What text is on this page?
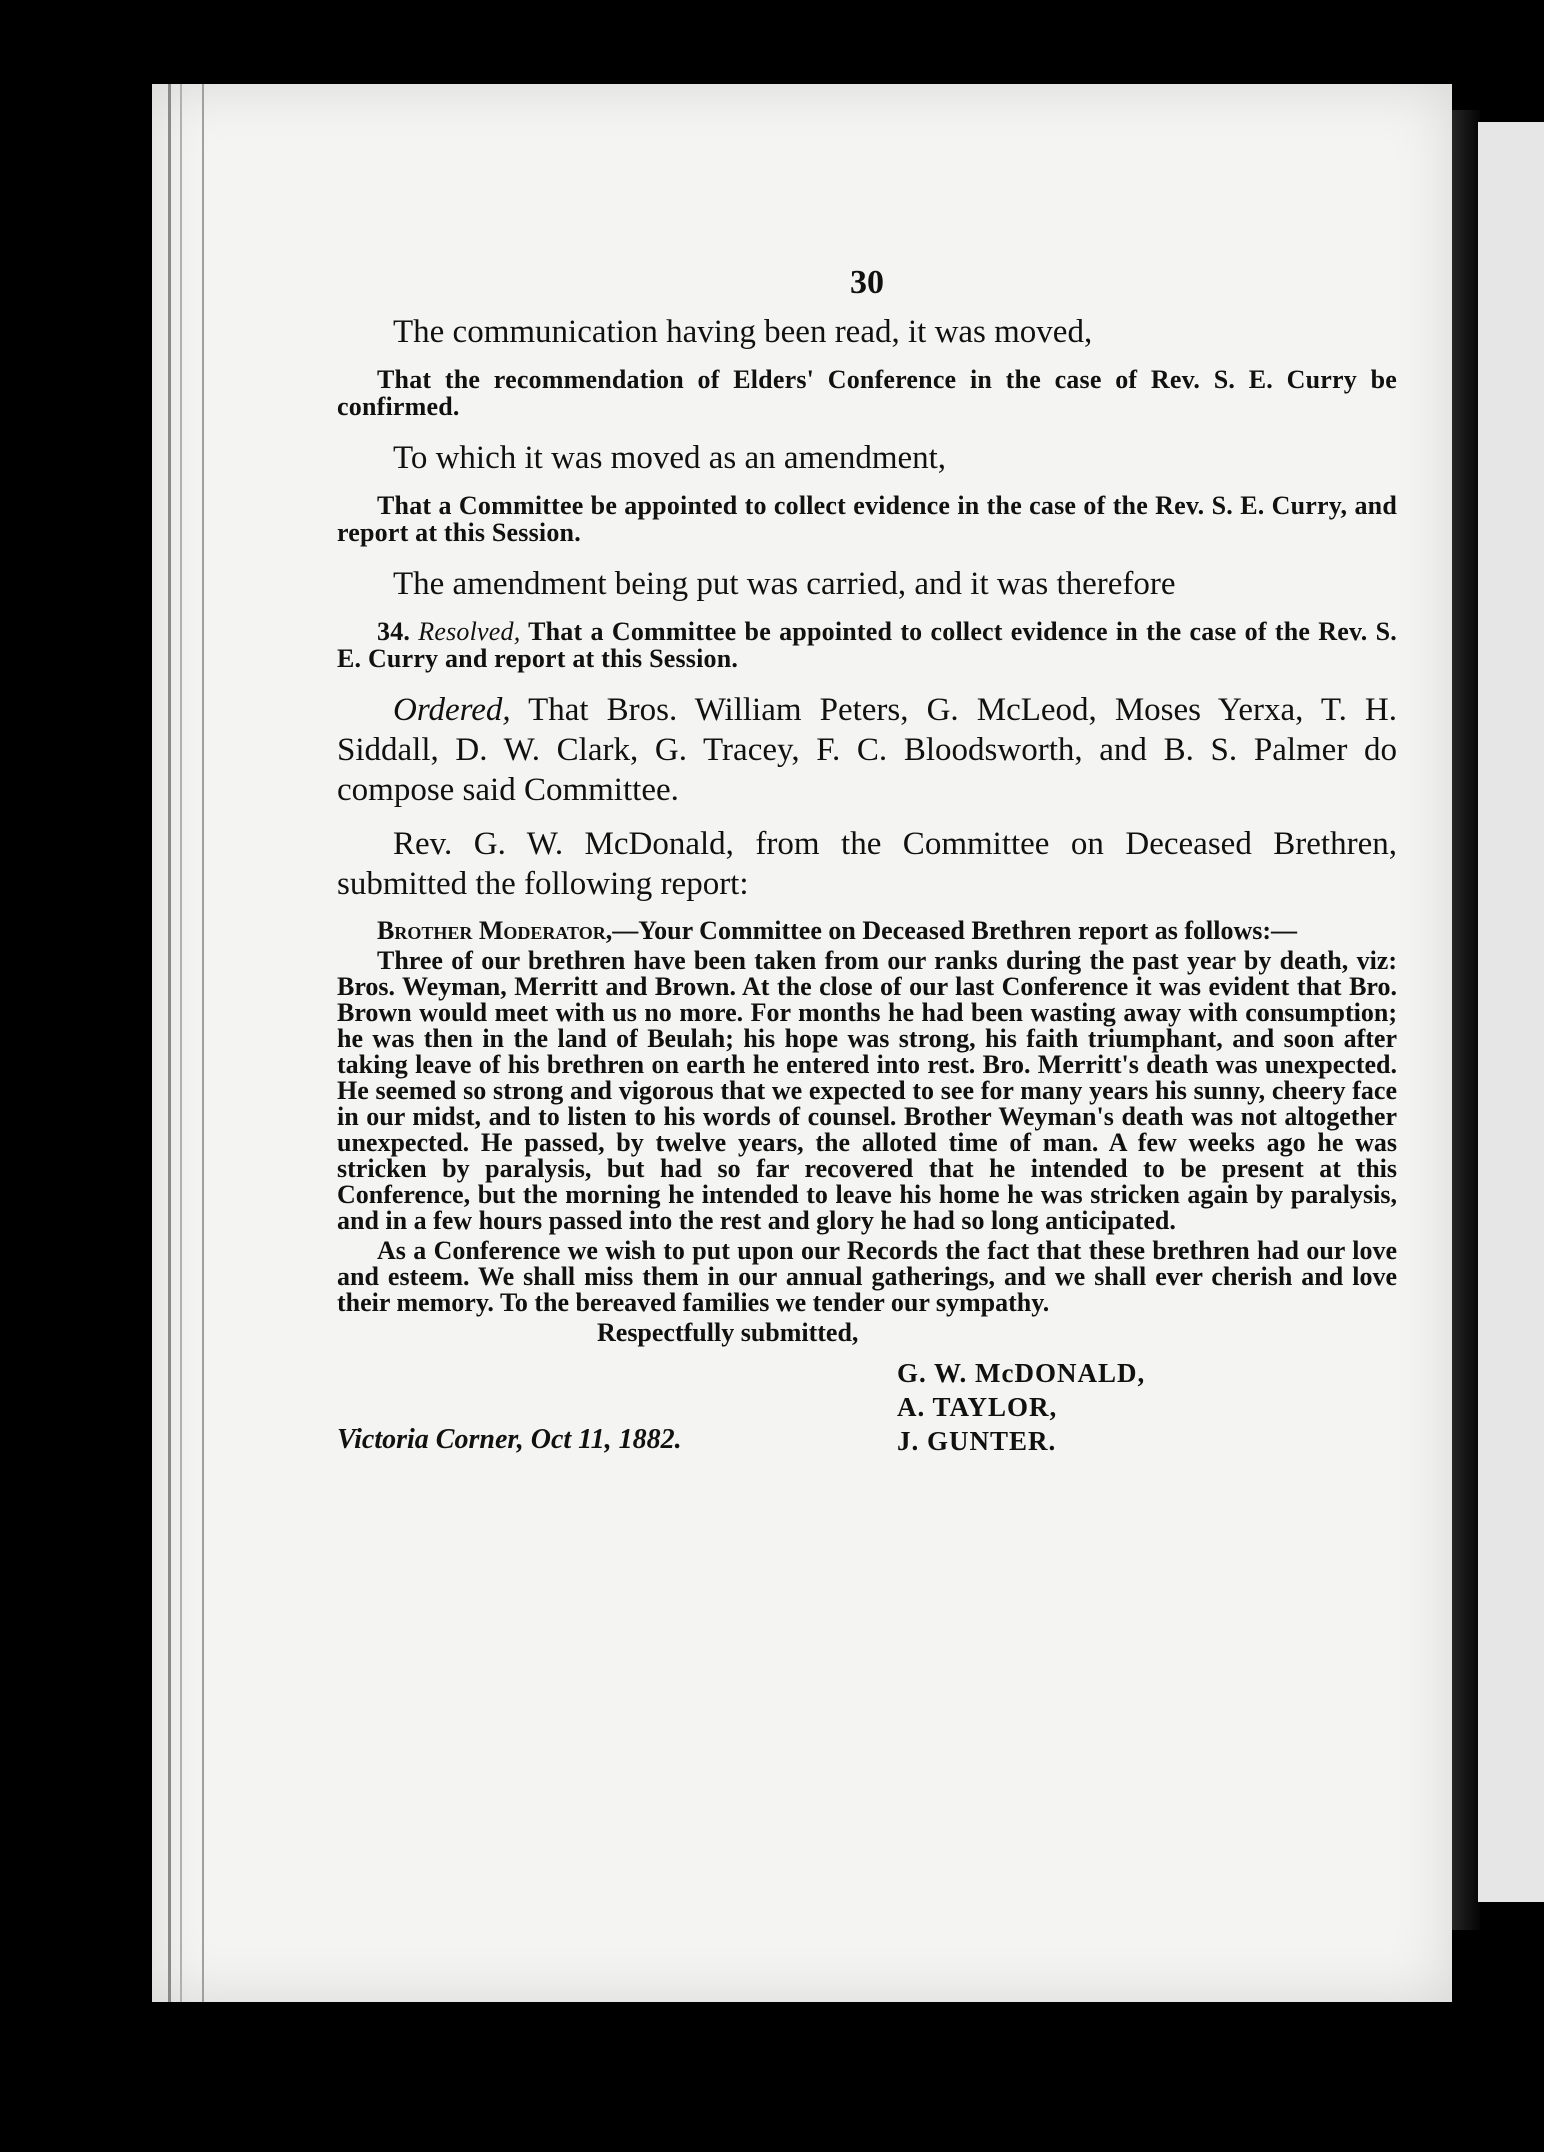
30

The communication having been read, it was moved,

That the recommendation of Elders' Conference in the case of Rev. S. E. Curry be confirmed.

To which it was moved as an amendment,

That a Committee be appointed to collect evidence in the case of the Rev. S. E. Curry, and report at this Session.

The amendment being put was carried, and it was therefore

34. Resolved, That a Committee be appointed to collect evidence in the case of the Rev. S. E. Curry and report at this Session.

Ordered, That Bros. William Peters, G. McLeod, Moses Yerxa, T. H. Siddall, D. W. Clark, G. Tracey, F. C. Bloodsworth, and B. S. Palmer do compose said Committee.

Rev. G. W. McDonald, from the Committee on Deceased Brethren, submitted the following report:

Brother Moderator,—Your Committee on Deceased Brethren report as follows:—

Three of our brethren have been taken from our ranks during the past year by death, viz: Bros. Weyman, Merritt and Brown. At the close of our last Conference it was evident that Bro. Brown would meet with us no more. For months he had been wasting away with consumption; he was then in the land of Beulah; his hope was strong, his faith triumphant, and soon after taking leave of his brethren on earth he entered into rest. Bro. Merritt's death was unexpected. He seemed so strong and vigorous that we expected to see for many years his sunny, cheery face in our midst, and to listen to his words of counsel. Brother Weyman's death was not altogether unexpected. He passed, by twelve years, the alloted time of man. A few weeks ago he was stricken by paralysis, but had so far recovered that he intended to be present at this Conference, but the morning he intended to leave his home he was stricken again by paralysis, and in a few hours passed into the rest and glory he had so long anticipated.

As a Conference we wish to put upon our Records the fact that these brethren had our love and esteem. We shall miss them in our annual gatherings, and we shall ever cherish and love their memory. To the bereaved families we tender our sympathy.

Respectfully submitted,

G. W. McDONALD,
A. TAYLOR,
J. GUNTER.
Victoria Corner, Oct 11, 1882.
